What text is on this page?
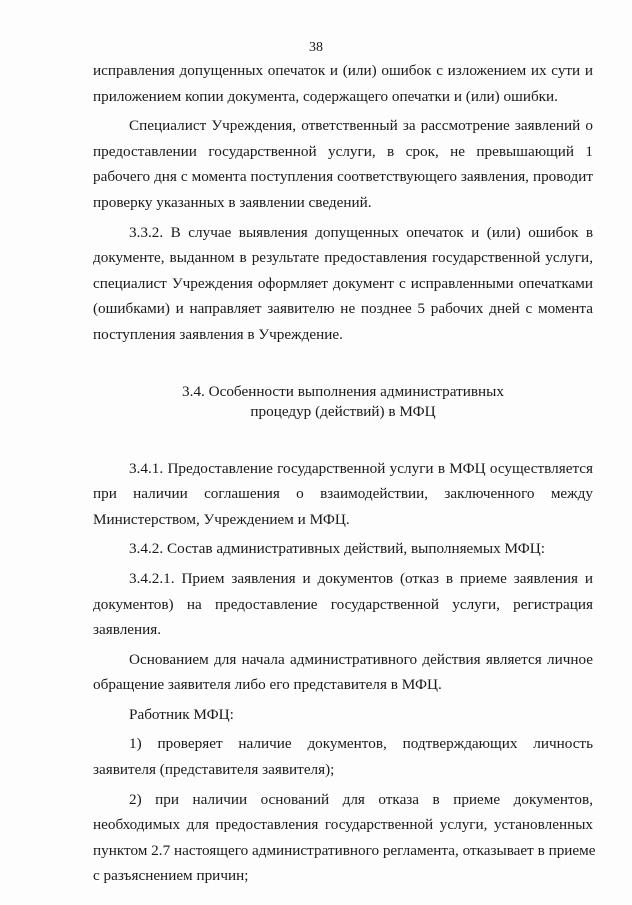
38
исправления допущенных опечаток и (или) ошибок с изложением их сути и
приложением копии документа, содержащего опечатки и (или) ошибки.
Специалист Учреждения, ответственный за рассмотрение заявлений о
предоставлении государственной услуги, в срок, не превышающий 1
рабочего дня с момента поступления соответствующего заявления, проводит
проверку указанных в заявлении сведений.
3.3.2. В случае выявления допущенных опечаток и (или) ошибок в
документе, выданном в результате предоставления государственной услуги,
специалист Учреждения оформляет документ с исправленными опечатками
(ошибками) и направляет заявителю не позднее 5 рабочих дней с момента
поступления заявления в Учреждение.
3.4. Особенности выполнения административных
процедур (действий) в МФЦ
3.4.1. Предоставление государственной услуги в МФЦ осуществляется
при наличии соглашения о взаимодействии, заключенного между
Министерством, Учреждением и МФЦ.
3.4.2. Состав административных действий, выполняемых МФЦ:
3.4.2.1. Прием заявления и документов (отказ в приеме заявления и
документов) на предоставление государственной услуги, регистрация
заявления.
Основанием для начала административного действия является личное
обращение заявителя либо его представителя в МФЦ.
Работник МФЦ:
1) проверяет наличие документов, подтверждающих личность
заявителя (представителя заявителя);
2) при наличии оснований для отказа в приеме документов,
необходимых для предоставления государственной услуги, установленных
пунктом 2.7 настоящего административного регламента, отказывает в приеме
с разъяснением причин;
